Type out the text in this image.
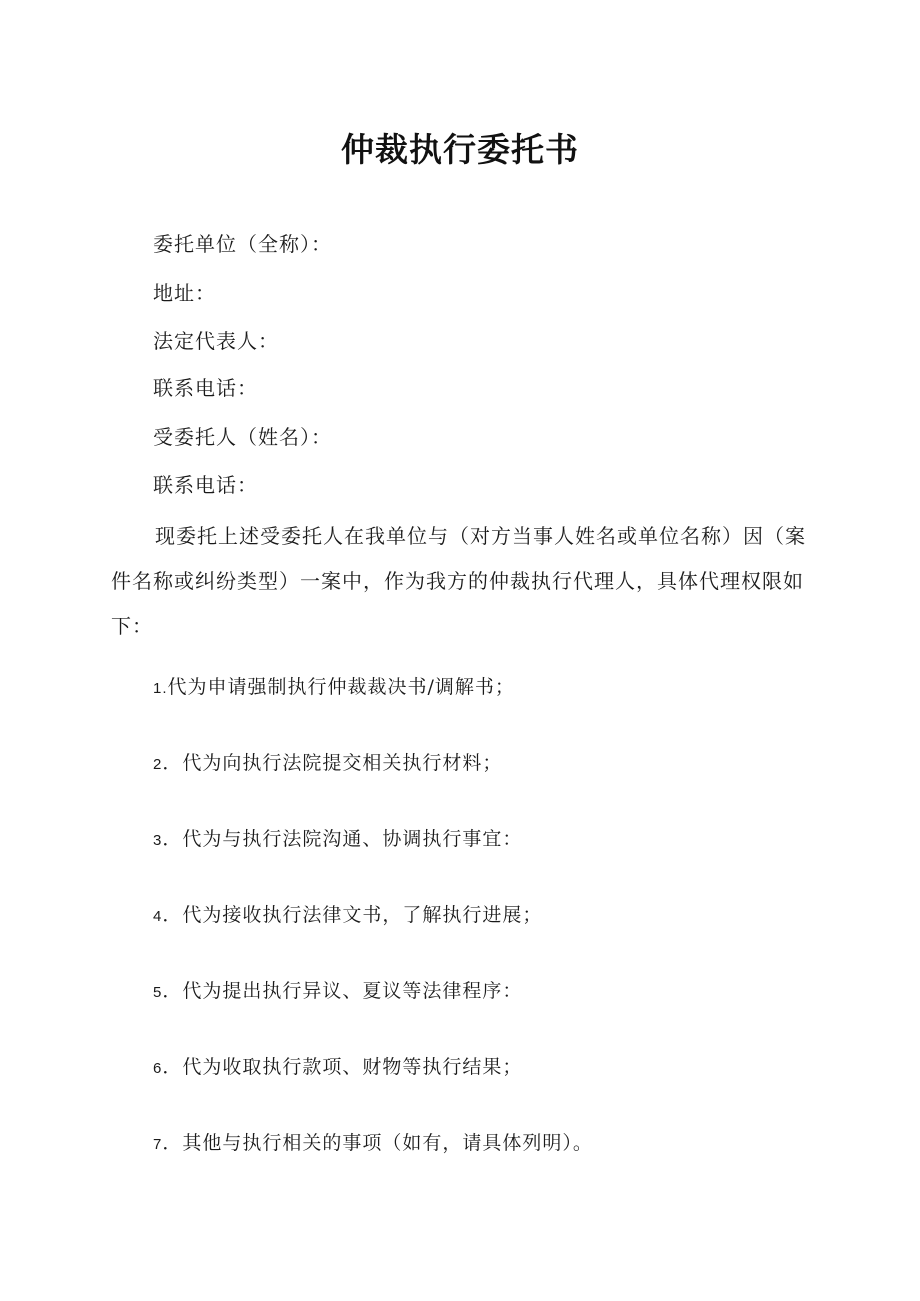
仲裁执行委托书

委托单位（全称）：

地址：

法定代表人：

联系电话：

受委托人（姓名）：

联系电话：

现委托上述受委托人在我单位与（对方当事人姓名或单位名称）因（案件名称或纠纷类型）一案中，作为我方的仲裁执行代理人，具体代理权限如下：

1.代为申请强制执行仲裁裁决书/调解书；

2．代为向执行法院提交相关执行材料；

3．代为与执行法院沟通、协调执行事宜：

4．代为接收执行法律文书，了解执行进展；

5．代为提出执行异议、夏议等法律程序：

6．代为收取执行款项、财物等执行结果；

7．其他与执行相关的事项（如有，请具体列明）。
